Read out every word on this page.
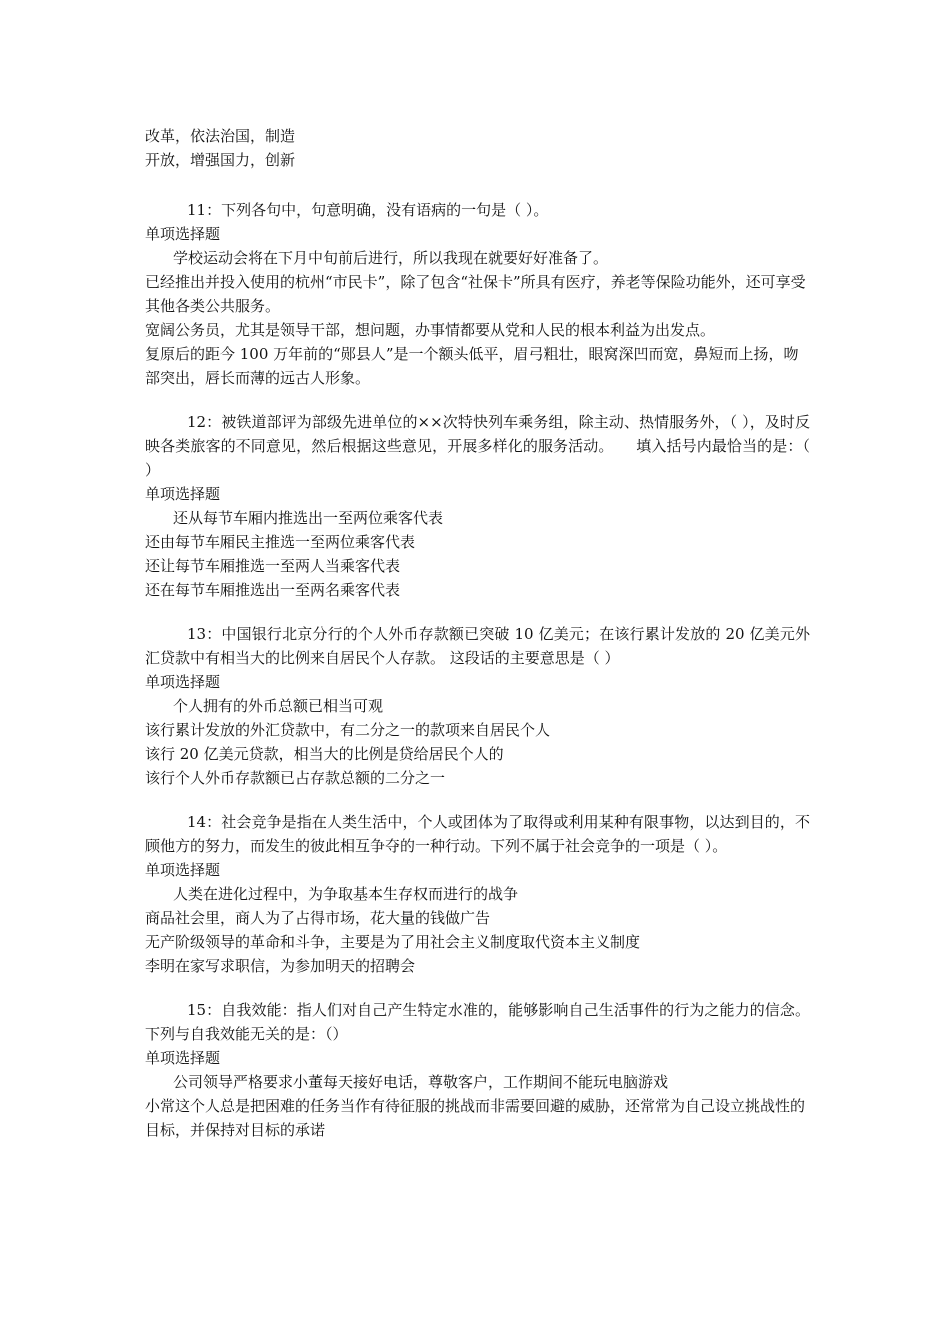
改革，依法治国，制造
开放，增强国力，创新
11：下列各句中，句意明确，没有语病的一句是（ ）。
单项选择题
学校运动会将在下月中旬前后进行，所以我现在就要好好准备了。
已经推出并投入使用的杭州“市民卡”，除了包含“社保卡”所具有医疗，养老等保险功能外，还可享受其他各类公共服务。
宽阔公务员，尤其是领导干部，想问题，办事情都要从党和人民的根本利益为出发点。
复原后的距今 100 万年前的“郧县人”是一个额头低平，眉弓粗壮，眼窝深凹而宽，鼻短而上扬，吻部突出，唇长而薄的远古人形象。
12：被铁道部评为部级先进单位的××次特快列车乘务组，除主动、热情服务外，（ ），及时反映各类旅客的不同意见，然后根据这些意见，开展多样化的服务活动。　　填入括号内最恰当的是：（ ）
单项选择题
还从每节车厢内推选出一至两位乘客代表
还由每节车厢民主推选一至两位乘客代表
还让每节车厢推选一至两人当乘客代表
还在每节车厢推选出一至两名乘客代表
13：中国银行北京分行的个人外币存款额已突破 10 亿美元；在该行累计发放的 20 亿美元外汇贷款中有相当大的比例来自居民个人存款。 这段话的主要意思是（ ）
单项选择题
个人拥有的外币总额已相当可观
该行累计发放的外汇贷款中，有二分之一的款项来自居民个人
该行 20 亿美元贷款，相当大的比例是贷给居民个人的
该行个人外币存款额已占存款总额的二分之一
14：社会竞争是指在人类生活中，个人或团体为了取得或利用某种有限事物，以达到目的，不顾他方的努力，而发生的彼此相互争夺的一种行动。下列不属于社会竞争的一项是（ ）。
单项选择题
人类在进化过程中，为争取基本生存权而进行的战争
商品社会里，商人为了占得市场，花大量的钱做广告
无产阶级领导的革命和斗争，主要是为了用社会主义制度取代资本主义制度
李明在家写求职信，为参加明天的招聘会
15：自我效能：指人们对自己产生特定水准的，能够影响自己生活事件的行为之能力的信念。下列与自我效能无关的是：（）
单项选择题
公司领导严格要求小董每天接好电话，尊敬客户，工作期间不能玩电脑游戏
小常这个人总是把困难的任务当作有待征服的挑战而非需要回避的威胁，还常常为自己设立挑战性的目标，并保持对目标的承诺
